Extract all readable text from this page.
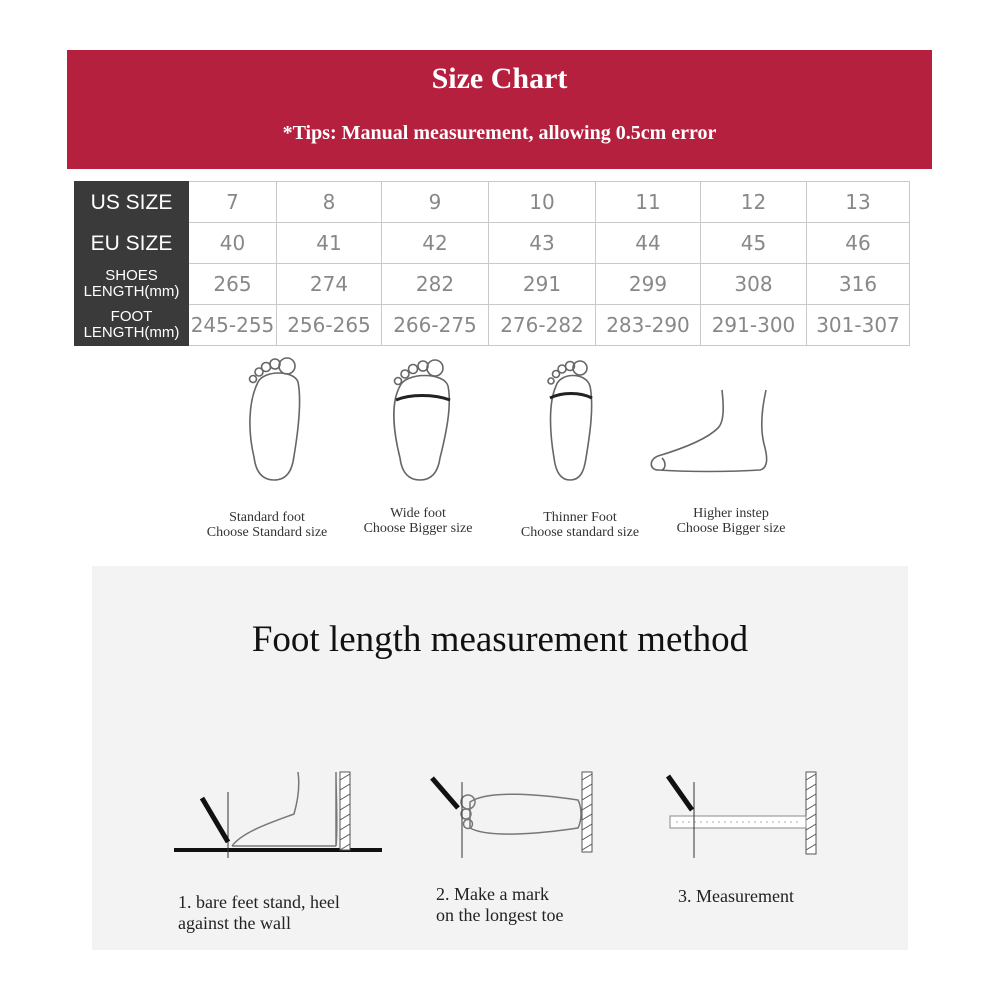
Size Chart
*Tips: Manual measurement, allowing 0.5cm error
US SIZE	7	8	9	10	11	12	13
EU SIZE	40	41	42	43	44	45	46
SHOES
LENGTH(mm)	265	274	282	291	299	308	316
FOOT
LENGTH(mm)	245-255	256-265	266-275	276-282	283-290	291-300	301-307
Standard foot
Choose Standard size
Wide foot
Choose Bigger size
Thinner Foot
Choose standard size
Higher instep
Choose Bigger size
Foot length measurement method
1. bare feet stand, heel
against the wall
2. Make a mark
on the longest toe
3. Measurement
